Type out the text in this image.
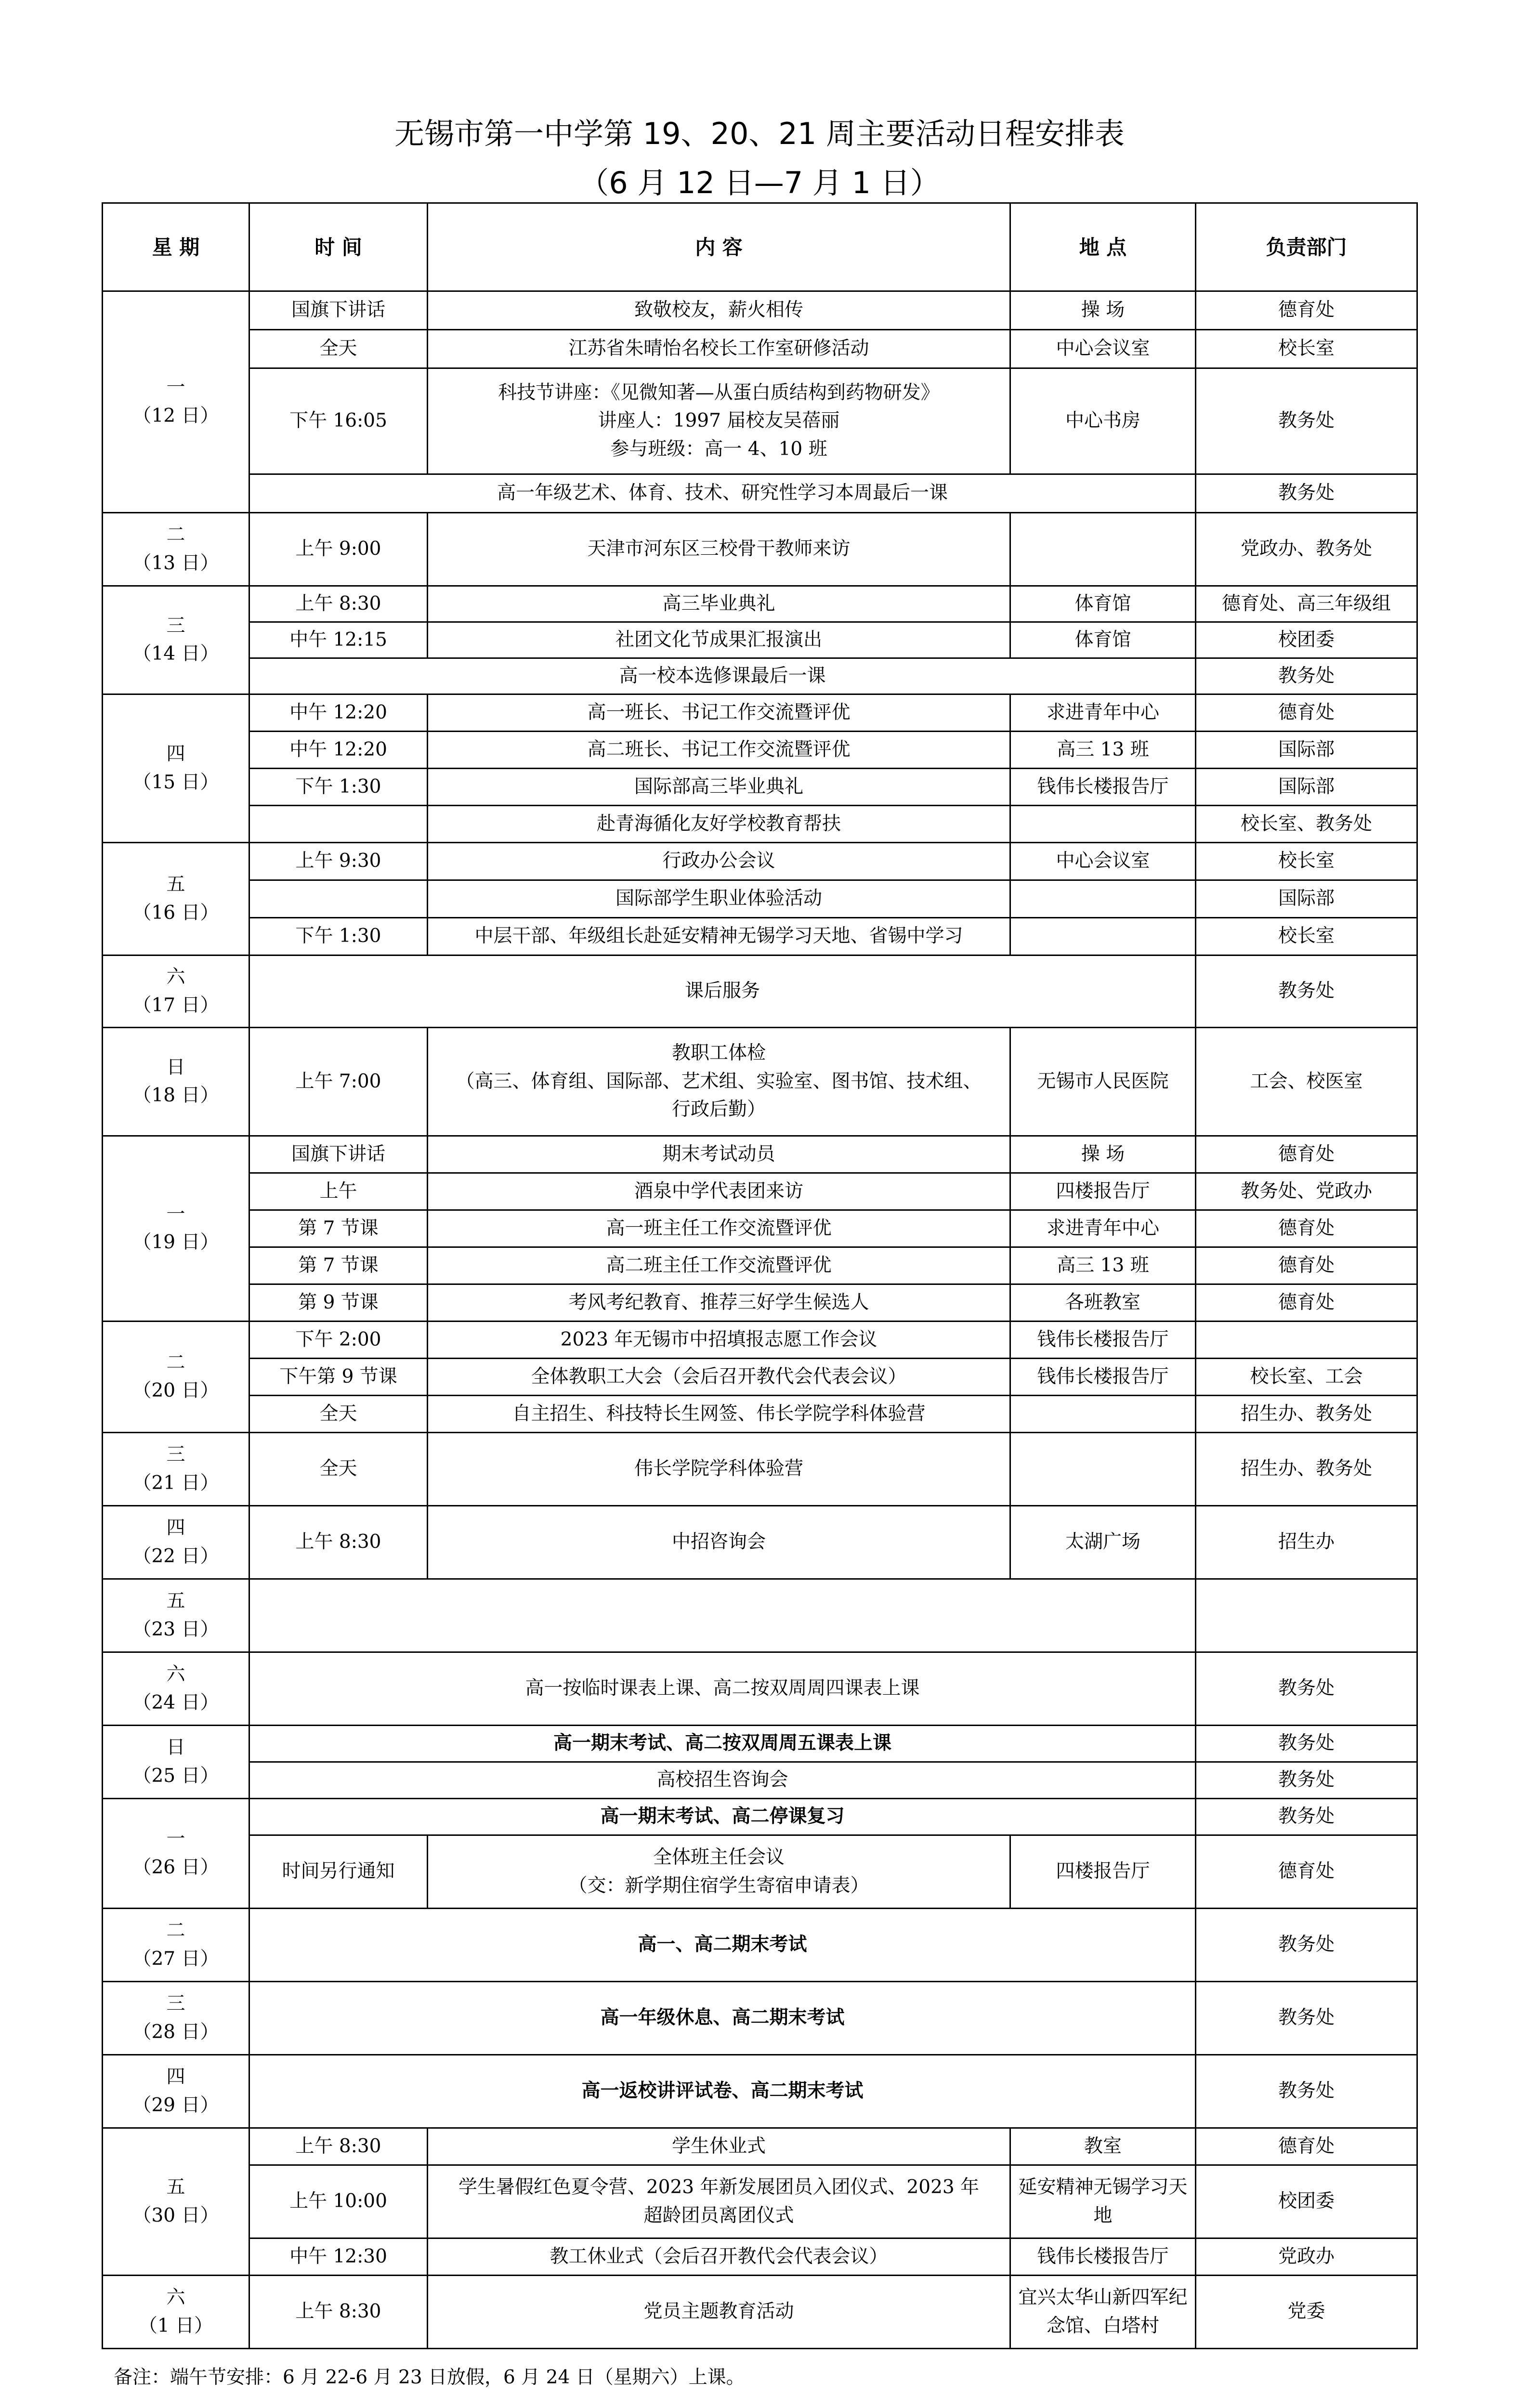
无锡市第一中学第 19、20、21 周主要活动日程安排表
（6 月 12 日—7 月 1 日）
星 期	时 间	内 容	地 点	负责部门

一
（12 日）	国旗下讲话	致敬校友，薪火相传	操 场	德育处
	全天	江苏省朱晴怡名校长工作室研修活动	中心会议室	校长室
	下午 16:05	科技节讲座：《见微知著—从蛋白质结构到药物研发》
讲座人：1997 届校友吴蓓丽
参与班级：高一 4、10 班	中心书房	教务处

	高一年级艺术、体育、技术、研究性学习本周最后一课			教务处

二
（13 日）	上午 9:00	天津市河东区三校骨干教师来访		党政办、教务处

三
（14 日）	上午 8:30	高三毕业典礼	体育馆	德育处、高三年级组
	中午 12:15	社团文化节成果汇报演出	体育馆	校团委

	高一校本选修课最后一课			教务处

四
（15 日）	中午 12:20	高一班长、书记工作交流暨评优	求进青年中心	德育处
	中午 12:20	高二班长、书记工作交流暨评优	高三 13 班	国际部
	下午 1:30	国际部高三毕业典礼	钱伟长楼报告厅	国际部

		赴青海循化友好学校教育帮扶		校长室、教务处

五
（16 日）	上午 9:30	行政办公会议	中心会议室	校长室

		国际部学生职业体验活动		国际部
	下午 1:30	中层干部、年级组长赴延安精神无锡学习天地、省锡中学习		校长室

六
（17 日）	课后服务			教务处

日
（18 日）	上午 7:00	教职工体检
（高三、体育组、国际部、艺术组、实验室、图书馆、技术组、
行政后勤）	无锡市人民医院	工会、校医室

一
（19 日）	国旗下讲话	期末考试动员	操 场	德育处
	上午	酒泉中学代表团来访	四楼报告厅	教务处、党政办
	第 7 节课	高一班主任工作交流暨评优	求进青年中心	德育处
	第 7 节课	高二班主任工作交流暨评优	高三 13 班	德育处
	第 9 节课	考风考纪教育、推荐三好学生候选人	各班教室	德育处

二
（20 日）	下午 2:00	2023 年无锡市中招填报志愿工作会议	钱伟长楼报告厅	
	下午第 9 节课	全体教职工大会（会后召开教代会代表会议）	钱伟长楼报告厅	校长室、工会
	全天	自主招生、科技特长生网签、伟长学院学科体验营		招生办、教务处

三
（21 日）	全天	伟长学院学科体验营		招生办、教务处

四
（22 日）	上午 8:30	中招咨询会	太湖广场	招生办

五
（23 日）				

六
（24 日）	高一按临时课表上课、高二按双周周四课表上课			教务处

日
（25 日）	高一期末考试、高二按双周周五课表上课			教务处

	高校招生咨询会			教务处

一
（26 日）	高一期末考试、高二停课复习			教务处
	时间另行通知	全体班主任会议
（交：新学期住宿学生寄宿申请表）	四楼报告厅	德育处

二
（27 日）	高一、高二期末考试			教务处

三
（28 日）	高一年级休息、高二期末考试			教务处

四
（29 日）	高一返校讲评试卷、高二期末考试			教务处

五
（30 日）	上午 8:30	学生休业式	教室	德育处
	上午 10:00	学生暑假红色夏令营、2023 年新发展团员入团仪式、2023 年
超龄团员离团仪式	延安精神无锡学习天地	校团委
	中午 12:30	教工休业式（会后召开教代会代表会议）	钱伟长楼报告厅	党政办

六
（1 日）	上午 8:30	党员主题教育活动	宜兴太华山新四军纪念馆、白塔村	党委
备注：端午节安排：6 月 22-6 月 23 日放假，6 月 24 日（星期六）上课。
